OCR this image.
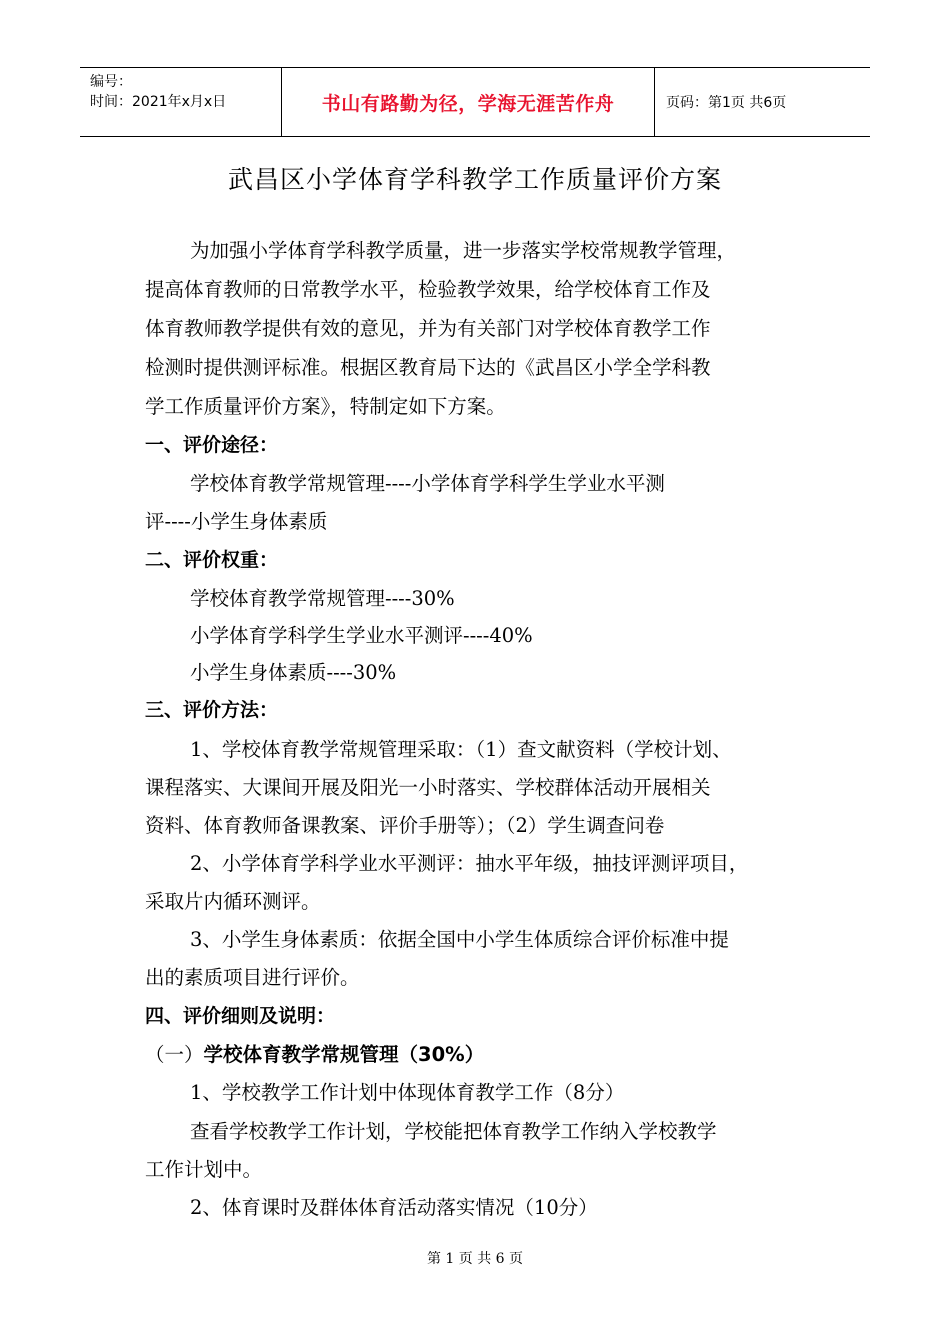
编号：
时间：2021年x月x日	书山有路勤为径，学海无涯苦作舟	页码：第1页 共6页
武昌区小学体育学科教学工作质量评价方案
为加强小学体育学科教学质量，进一步落实学校常规教学管理，
提高体育教师的日常教学水平，检验教学效果，给学校体育工作及
体育教师教学提供有效的意见，并为有关部门对学校体育教学工作
检测时提供测评标准。根据区教育局下达的《武昌区小学全学科教
学工作质量评价方案》，特制定如下方案。
一、评价途径：
学校体育教学常规管理----小学体育学科学生学业水平测
评----小学生身体素质
二、评价权重：
学校体育教学常规管理----30%
小学体育学科学生学业水平测评----40%
小学生身体素质----30%
三、评价方法：
1、学校体育教学常规管理采取：（1）查文献资料（学校计划、
课程落实、大课间开展及阳光一小时落实、学校群体活动开展相关
资料、体育教师备课教案、评价手册等）；（2）学生调查问卷
2、小学体育学科学业水平测评：抽水平年级，抽技评测评项目，
采取片内循环测评。
3、小学生身体素质：依据全国中小学生体质综合评价标准中提
出的素质项目进行评价。
四、评价细则及说明：
（一）学校体育教学常规管理（30%）
1、学校教学工作计划中体现体育教学工作（8分）
查看学校教学工作计划，学校能把体育教学工作纳入学校教学
工作计划中。
2、体育课时及群体体育活动落实情况（10分）
第 1 页 共 6 页
